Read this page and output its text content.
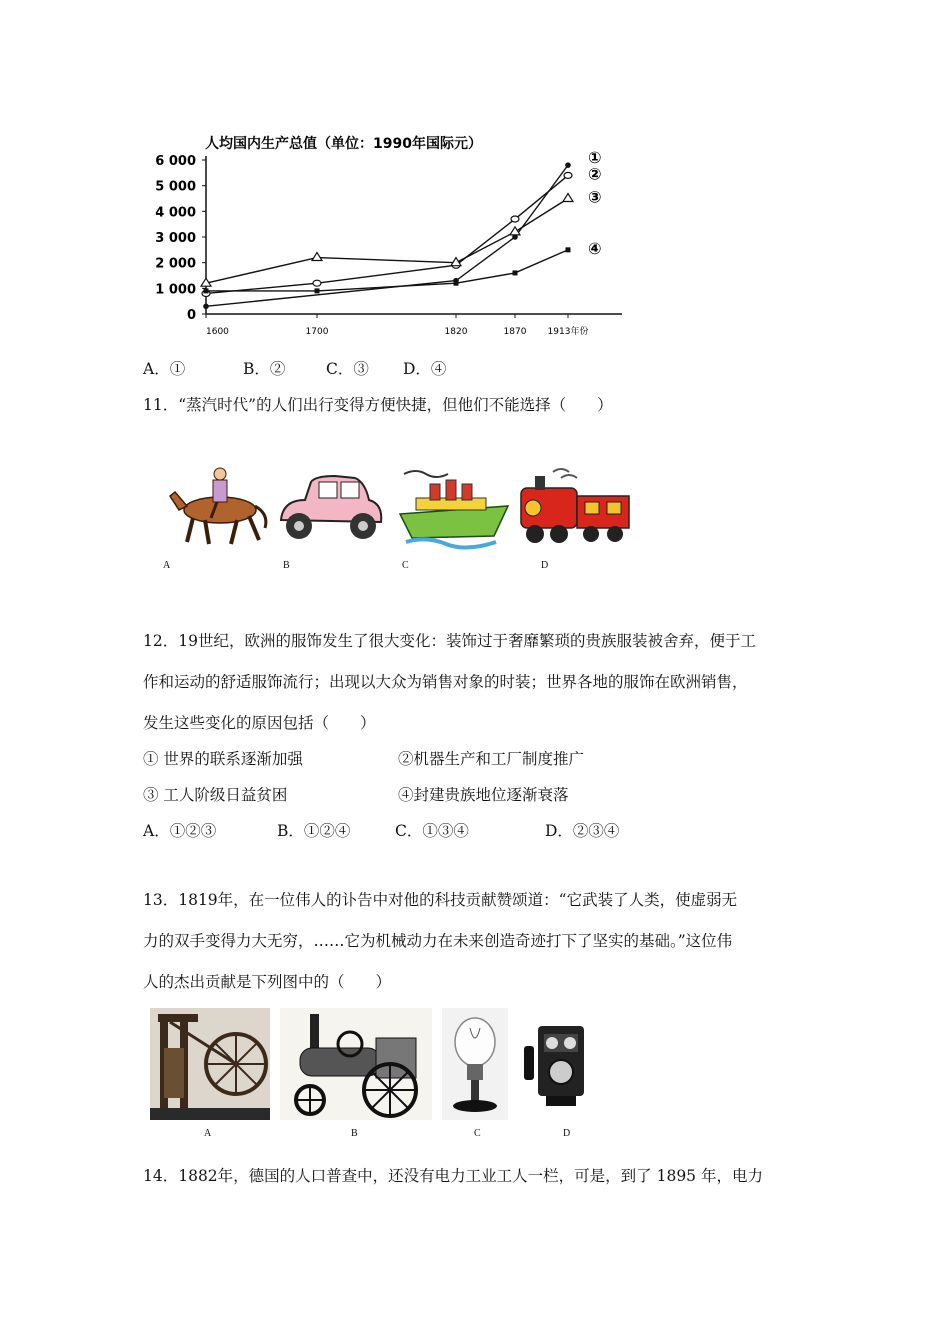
人均国内生产总值（单位：1990年国际元）
0
1 000
2 000
3 000
4 000
5 000
6 000
1600	1700	1820	1870 1913年份
①
②
③
④
A．①	B．②	C．③ D．④
11．“蒸汽时代”的人们出行变得方便快捷，但他们不能选择（　　）
A	B	C	D
12．19世纪，欧洲的服饰发生了很大变化：装饰过于奢靡繁琐的贵族服装被舍弃，便于工
作和运动的舒适服饰流行；出现以大众为销售对象的时装；世界各地的服饰在欧洲销售，
发生这些变化的原因包括（　　）
① 世界的联系逐渐加强	②机器生产和工厂制度推广
③ 工人阶级日益贫困	④封建贵族地位逐渐衰落
A．①②③	B．①②④	C．①③④	D．②③④
13．1819年，在一位伟人的讣告中对他的科技贡献赞颂道：“它武装了人类，使虚弱无
力的双手变得力大无穷，……它为机械动力在未来创造奇迹打下了坚实的基础。”这位伟
人的杰出贡献是下列图中的（　　）
A	B	C	D
14．1882年，德国的人口普查中，还没有电力工业工人一栏，可是，到了 1895 年，电力
